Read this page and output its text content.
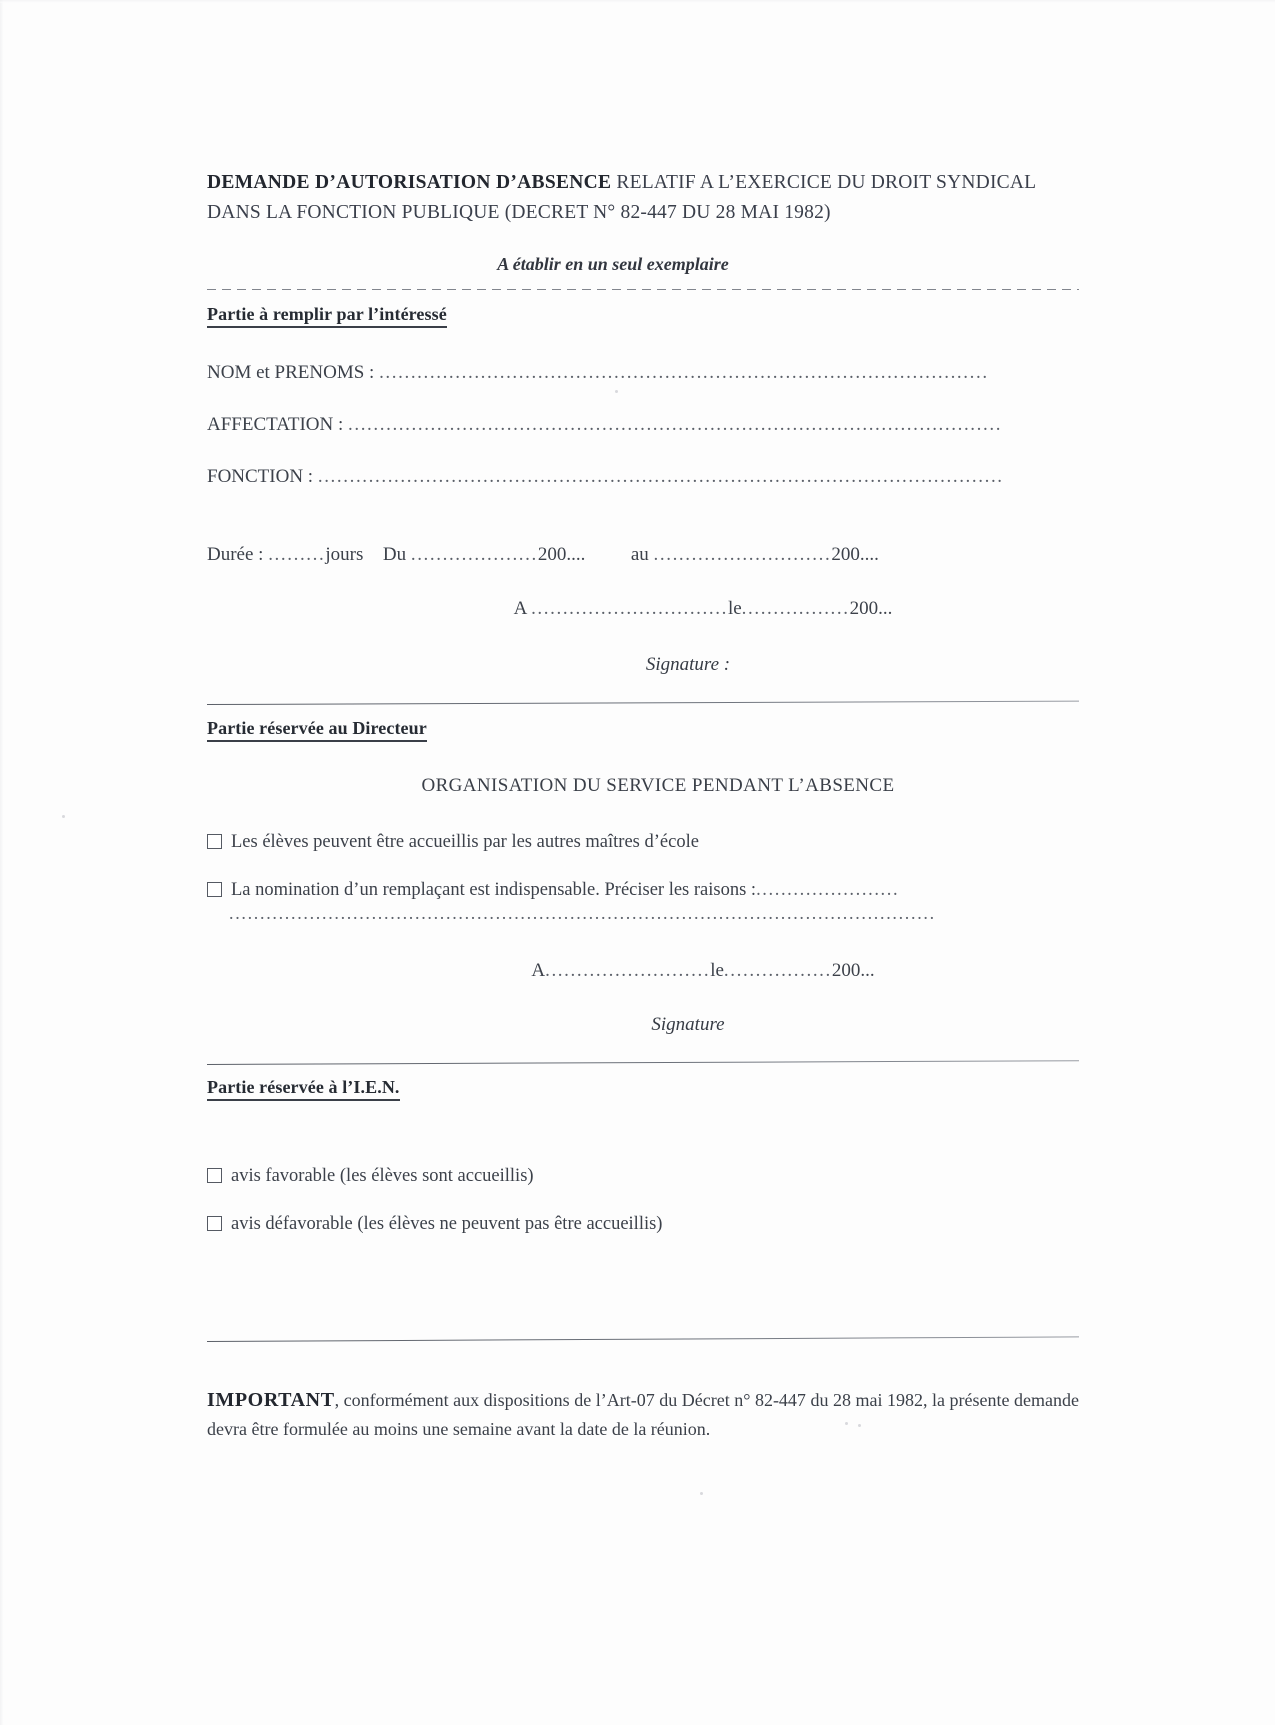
DEMANDE D’AUTORISATION D’ABSENCE RELATIF A L’EXERCICE DU DROIT SYNDICAL DANS LA FONCTION PUBLIQUE (DECRET N° 82-447 DU 28 MAI 1982)

A établir en un seul exemplaire
Partie à remplir par l’intéressé
NOM et PRENOMS : ................................................................................................
AFFECTATION : .......................................................................................................
FONCTION : ............................................................................................................
Durée : .........jours Du ....................200.... au ............................200....
A ...............................le.................200...
Signature :
Partie réservée au Directeur
ORGANISATION DU SERVICE PENDANT L’ABSENCE
Les élèves peuvent être accueillis par les autres maîtres d’école
La nomination d’un remplaçant est indispensable. Préciser les raisons :.......................
..................................................................................................................
A..........................le.................200...
Signature
Partie réservée à l’I.E.N.
avis favorable (les élèves sont accueillis)
avis défavorable (les élèves ne peuvent pas être accueillis)
IMPORTANT, conformément aux dispositions de l’Art-07 du Décret n° 82-447 du 28 mai 1982, la présente demande devra être formulée au moins une semaine avant la date de la réunion.
